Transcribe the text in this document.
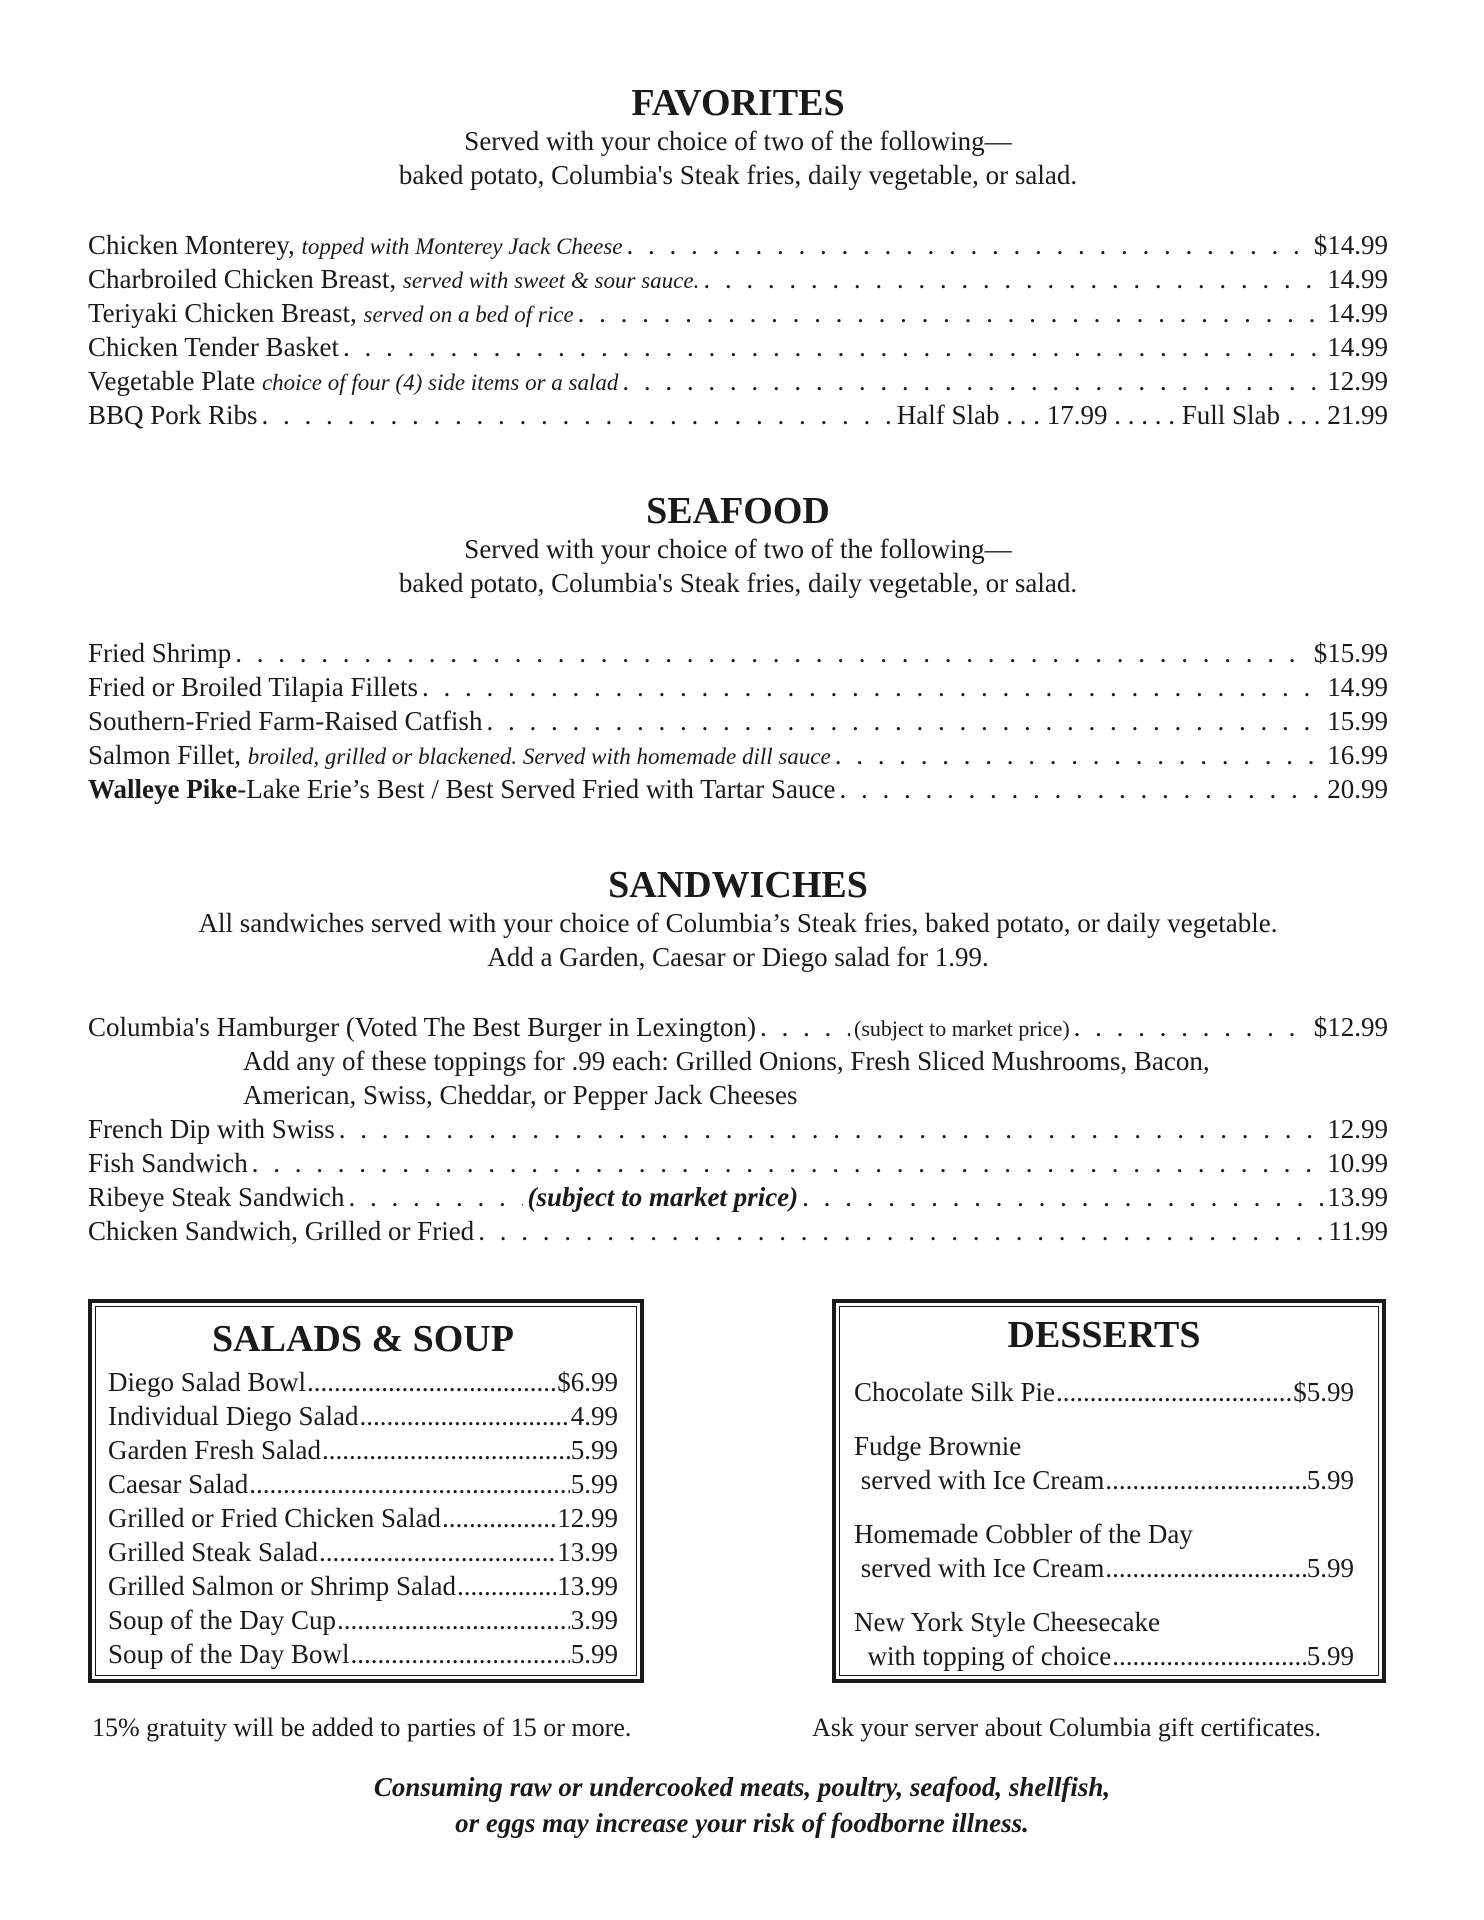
FAVORITES

Served with your choice of two of the following—

baked potato, Columbia's Steak fries, daily vegetable, or salad.

Chicken Monterey,
topped with Monterey Jack Cheese . . .	$14.99
Charbroiled Chicken Breast,
served with sweet & sour sauce. . . .	14.99
Teriyaki Chicken Breast,
served on a bed of rice . . .	14.99
Chicken Tender Basket . . .	14.99
Vegetable Plate
choice of four (4) side items or a salad . . .	12.99
BBQ Pork Ribs . . .	Half Slab . . . 17.99 . . . . . Full Slab . . . 21.99
SEAFOOD

Served with your choice of two of the following—

baked potato, Columbia's Steak fries, daily vegetable, or salad.

Fried Shrimp . . .	$15.99
Fried or Broiled Tilapia Fillets . . .	14.99
Southern-Fried Farm-Raised Catfish . . .	15.99
Salmon Fillet,
broiled, grilled or blackened. Served with homemade dill sauce . . .	16.99
Walleye Pike-Lake Erie’s Best / Best Served Fried with Tartar Sauce . . .	20.99
SANDWICHES

All sandwiches served with your choice of Columbia’s Steak fries, baked potato, or daily vegetable.

Add a Garden, Caesar or Diego salad for 1.99.

Columbia's Hamburger (Voted The Best Burger in Lexington) . . .	(subject to market price) . . .	$12.99
Add any of these toppings for .99 each: Grilled Onions, Fresh Sliced Mushrooms, Bacon,
American, Swiss, Cheddar, or Pepper Jack Cheeses
French Dip with Swiss . . .	12.99
Fish Sandwich . . .	10.99
Ribeye Steak Sandwich . . .	(subject to market price) . . .	13.99
Chicken Sandwich, Grilled or Fried . . .	11.99
SALADS & SOUP
Diego Salad Bowl .....	$6.99
Individual Diego Salad .....	4.99
Garden Fresh Salad .....	5.99
Caesar Salad .....	5.99
Grilled or Fried Chicken Salad .....	12.99
Grilled Steak Salad .....	13.99
Grilled Salmon or Shrimp Salad .....	13.99
Soup of the Day Cup .....	3.99
Soup of the Day Bowl .....	5.99
DESSERTS
Chocolate Silk Pie .....	$5.99
Fudge Brownie
served with Ice Cream .....	5.99
Homemade Cobbler of the Day
served with Ice Cream .....	5.99
New York Style Cheesecake
with topping of choice .....	5.99
15% gratuity will be added to parties of 15 or more.	Ask your server about Columbia gift certificates.
Consuming raw or undercooked meats, poultry, seafood, shellfish,
or eggs may increase your risk of foodborne illness.
